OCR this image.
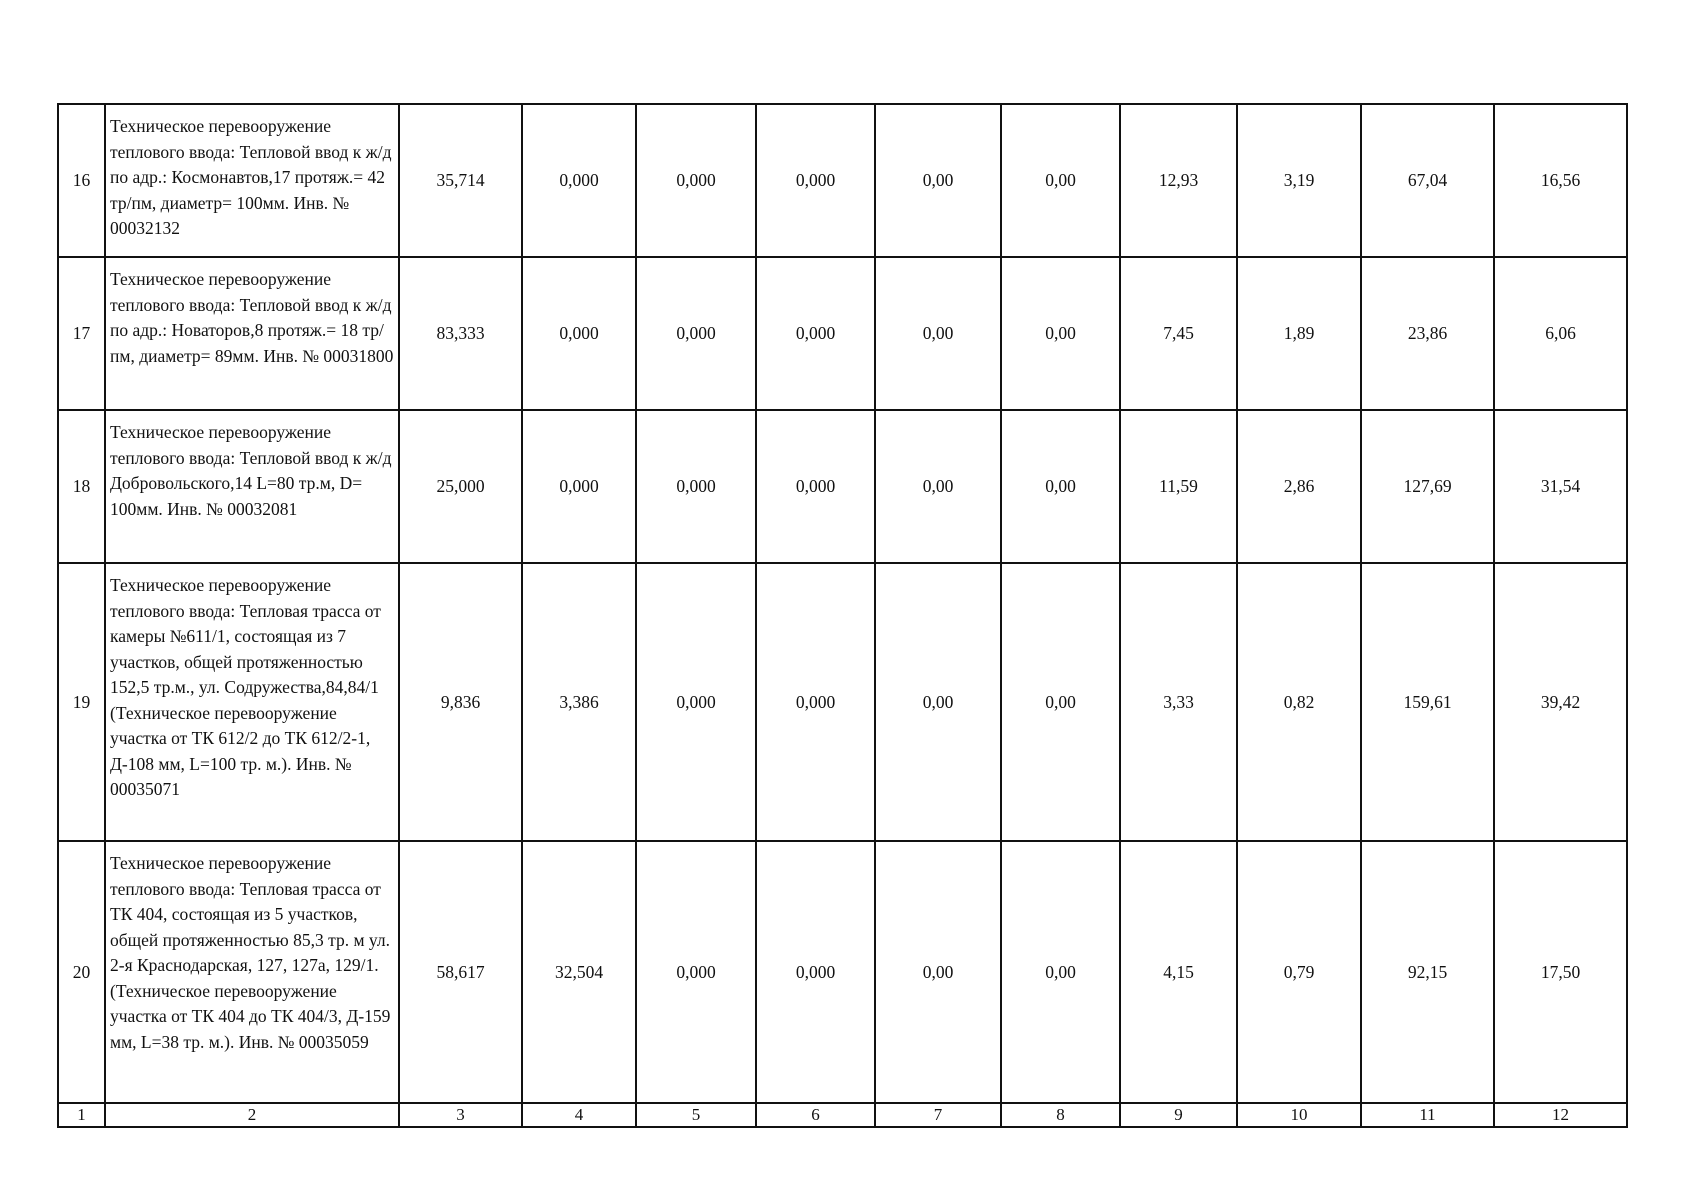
16	Техническое перевооружение теплового ввода: Тепловой ввод к ж/д по адр.: Космонавтов,17 протяж.= 42 тр/пм, диаметр= 100мм. Инв. № 00032132	35,714	0,000	0,000	0,000	0,00	0,00	12,93	3,19	67,04	16,56
17	Техническое перевооружение теплового ввода: Тепловой ввод к ж/д по адр.: Новаторов,8 протяж.= 18 тр/пм, диаметр= 89мм. Инв. № 00031800	83,333	0,000	0,000	0,000	0,00	0,00	7,45	1,89	23,86	6,06
18	Техническое перевооружение теплового ввода: Тепловой ввод к ж/д Добровольского,14 L=80 тр.м, D= 100мм. Инв. № 00032081	25,000	0,000	0,000	0,000	0,00	0,00	11,59	2,86	127,69	31,54
19	Техническое перевооружение теплового ввода: Тепловая трасса от камеры №611/1, состоящая из 7 участков, общей протяженностью 152,5 тр.м., ул. Содружества,84,84/1 (Техническое перевооружение участка от ТК 612/2 до ТК 612/2-1, Д-108 мм, L=100 тр. м.). Инв. № 00035071	9,836	3,386	0,000	0,000	0,00	0,00	3,33	0,82	159,61	39,42
20	Техническое перевооружение теплового ввода: Тепловая трасса от ТК 404, состоящая из 5 участков, общей протяженностью 85,3 тр. м ул. 2-я Краснодарская, 127, 127а, 129/1. (Техническое перевооружение участка от ТК 404 до ТК 404/3, Д-159 мм, L=38 тр. м.). Инв. № 00035059	58,617	32,504	0,000	0,000	0,00	0,00	4,15	0,79	92,15	17,50
1	2	3	4	5	6	7	8	9	10	11	12
